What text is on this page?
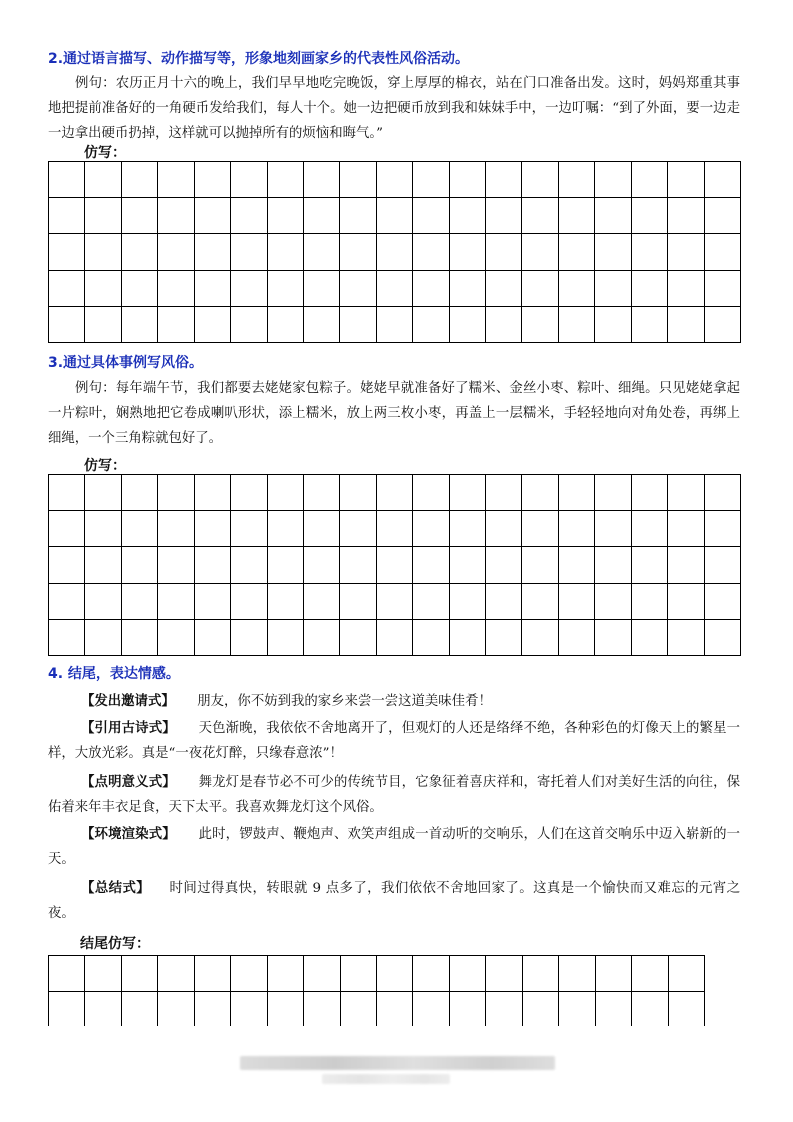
2.通过语言描写、动作描写等，形象地刻画家乡的代表性风俗活动。
例句：农历正月十六的晚上，我们早早地吃完晚饭，穿上厚厚的棉衣，站在门口准备出发。这时，妈妈郑重其事地把提前准备好的一角硬币发给我们，每人十个。她一边把硬币放到我和妹妹手中，一边叮嘱：“到了外面，要一边走一边拿出硬币扔掉，这样就可以抛掉所有的烦恼和晦气。”
仿写：
3.通过具体事例写风俗。
例句：每年端午节，我们都要去姥姥家包粽子。姥姥早就准备好了糯米、金丝小枣、粽叶、细绳。只见姥姥拿起一片粽叶，娴熟地把它卷成喇叭形状，添上糯米，放上两三枚小枣，再盖上一层糯米，手轻轻地向对角处卷，再绑上细绳，一个三角粽就包好了。
仿写：
4. 结尾，表达情感。
【发出邀请式】 朋友，你不妨到我的家乡来尝一尝这道美味佳肴！
【引用古诗式】 天色渐晚，我依依不舍地离开了，但观灯的人还是络绎不绝，各种彩色的灯像天上的繁星一样，大放光彩。真是“一夜花灯醉，只缘春意浓”！
【点明意义式】 舞龙灯是春节必不可少的传统节目，它象征着喜庆祥和，寄托着人们对美好生活的向往，保佑着来年丰衣足食，天下太平。我喜欢舞龙灯这个风俗。
【环境渲染式】 此时，锣鼓声、鞭炮声、欢笑声组成一首动听的交响乐，人们在这首交响乐中迈入崭新的一天。
【总结式】 时间过得真快，转眼就 9 点多了，我们依依不舍地回家了。这真是一个愉快而又难忘的元宵之夜。
结尾仿写：
